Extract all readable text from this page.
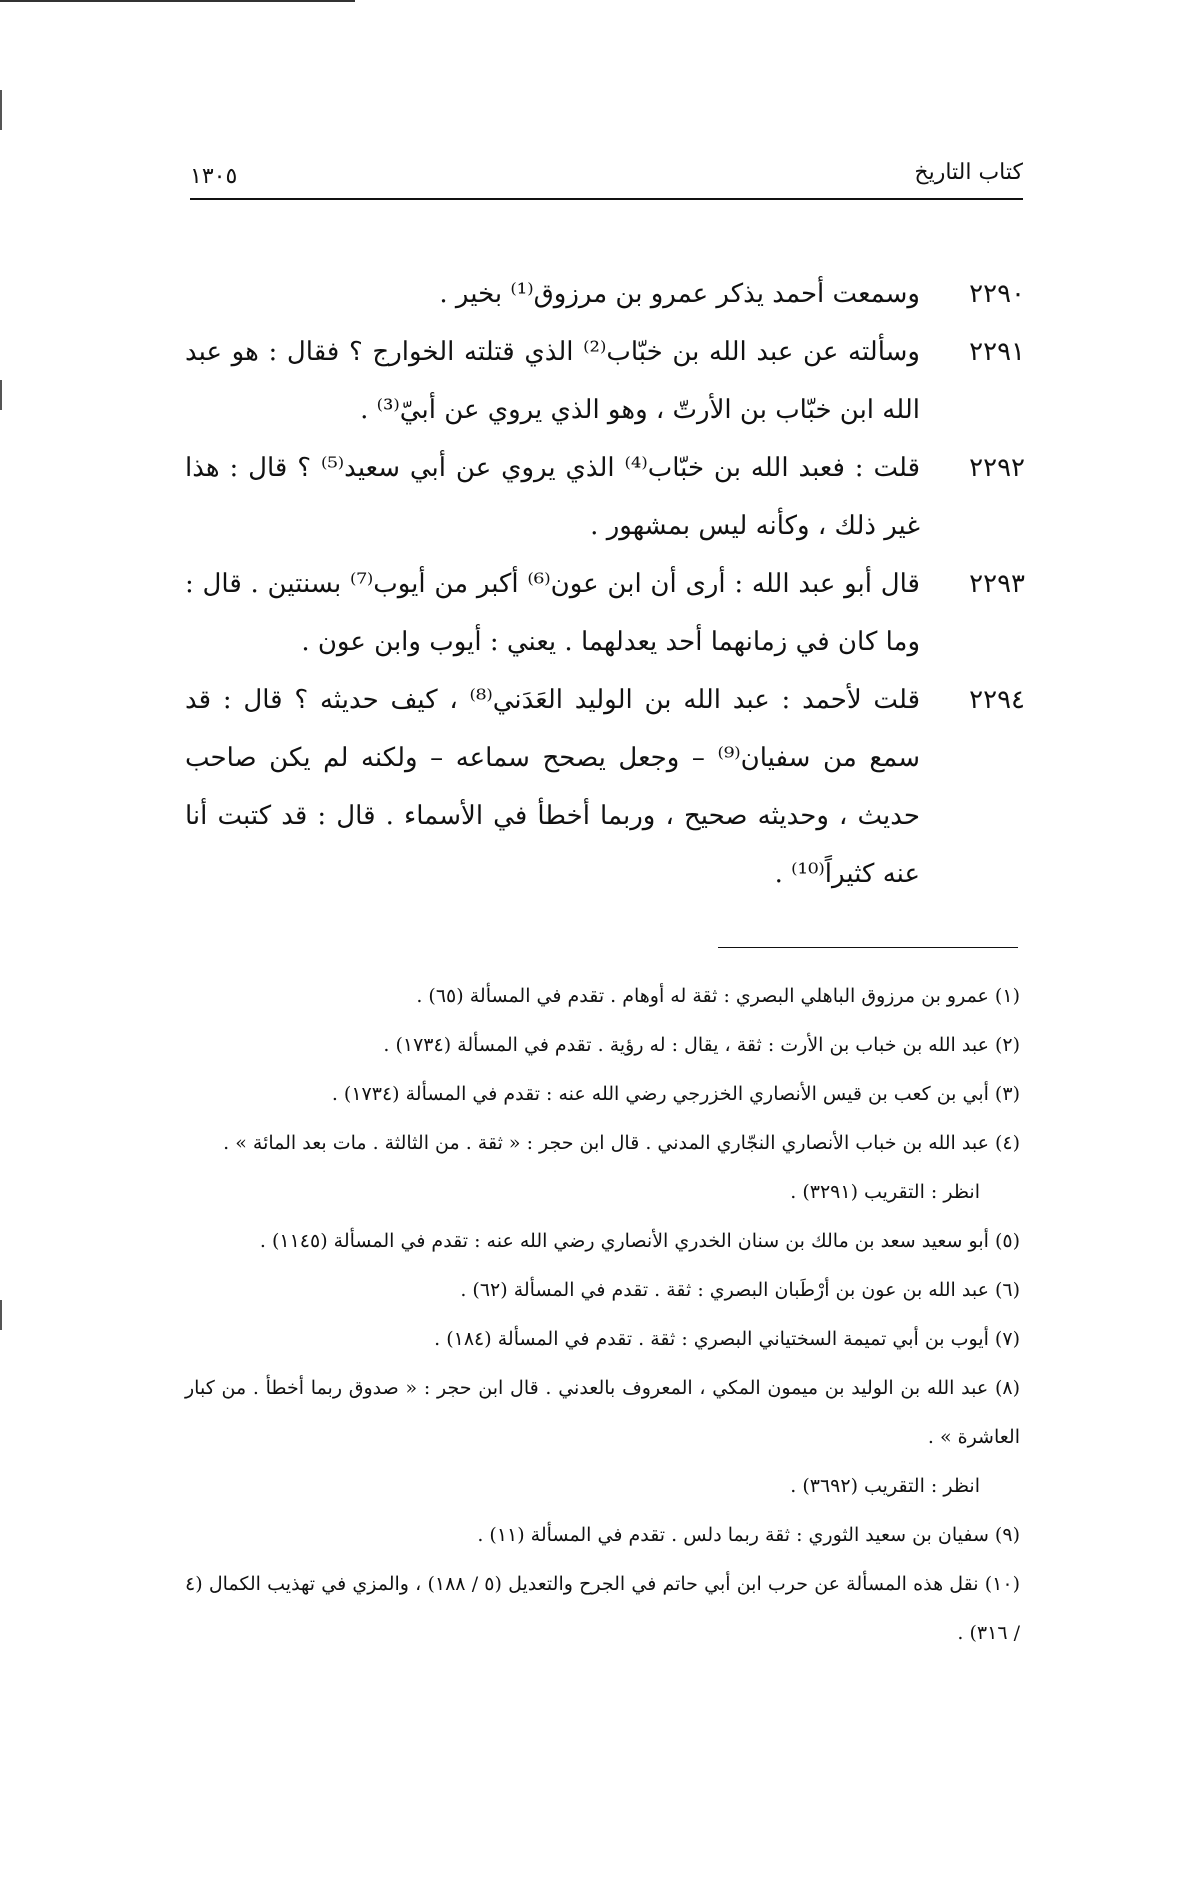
كتاب التاريخ
١٣٠٥
٢٢٩٠
وسمعت أحمد يذكر عمرو بن مرزوق⁽¹⁾ بخير .
٢٢٩١
وسألته عن عبد الله بن خبّاب⁽²⁾ الذي قتلته الخوارج ؟ فقال : هو عبد الله ابن خبّاب بن الأرتّ ، وهو الذي يروي عن أبيّ⁽³⁾ .
٢٢٩٢
قلت : فعبد الله بن خبّاب⁽⁴⁾ الذي يروي عن أبي سعيد⁽⁵⁾ ؟ قال : هذا غير ذلك ، وكأنه ليس بمشهور .
٢٢٩٣
قال أبو عبد الله : أرى أن ابن عون⁽⁶⁾ أكبر من أيوب⁽⁷⁾ بسنتين . قال : وما كان في زمانهما أحد يعدلهما . يعني : أيوب وابن عون .
٢٢٩٤
قلت لأحمد : عبد الله بن الوليد العَدَني⁽⁸⁾ ، كيف حديثه ؟ قال : قد سمع من سفيان⁽⁹⁾ – وجعل يصحح سماعه – ولكنه لم يكن صاحب حديث ، وحديثه صحيح ، وربما أخطأ في الأسماء . قال : قد كتبت أنا عنه كثيراً⁽¹⁰⁾ .
(١) عمرو بن مرزوق الباهلي البصري : ثقة له أوهام . تقدم في المسألة (٦٥) .
(٢) عبد الله بن خباب بن الأرت : ثقة ، يقال : له رؤية . تقدم في المسألة (١٧٣٤) .
(٣) أبي بن كعب بن قيس الأنصاري الخزرجي رضي الله عنه : تقدم في المسألة (١٧٣٤) .
(٤) عبد الله بن خباب الأنصاري النجّاري المدني . قال ابن حجر : « ثقة . من الثالثة . مات بعد المائة » .
انظر : التقريب (٣٢٩١) .
(٥) أبو سعيد سعد بن مالك بن سنان الخدري الأنصاري رضي الله عنه : تقدم في المسألة (١١٤٥) .
(٦) عبد الله بن عون بن أرْطَبان البصري : ثقة . تقدم في المسألة (٦٢) .
(٧) أيوب بن أبي تميمة السختياني البصري : ثقة . تقدم في المسألة (١٨٤) .
(٨) عبد الله بن الوليد بن ميمون المكي ، المعروف بالعدني . قال ابن حجر : « صدوق ربما أخطأ . من كبار العاشرة » .
انظر : التقريب (٣٦٩٢) .
(٩) سفيان بن سعيد الثوري : ثقة ربما دلس . تقدم في المسألة (١١) .
(١٠) نقل هذه المسألة عن حرب ابن أبي حاتم في الجرح والتعديل (٥ / ١٨٨) ، والمزي في تهذيب الكمال (٤ / ٣١٦) .
